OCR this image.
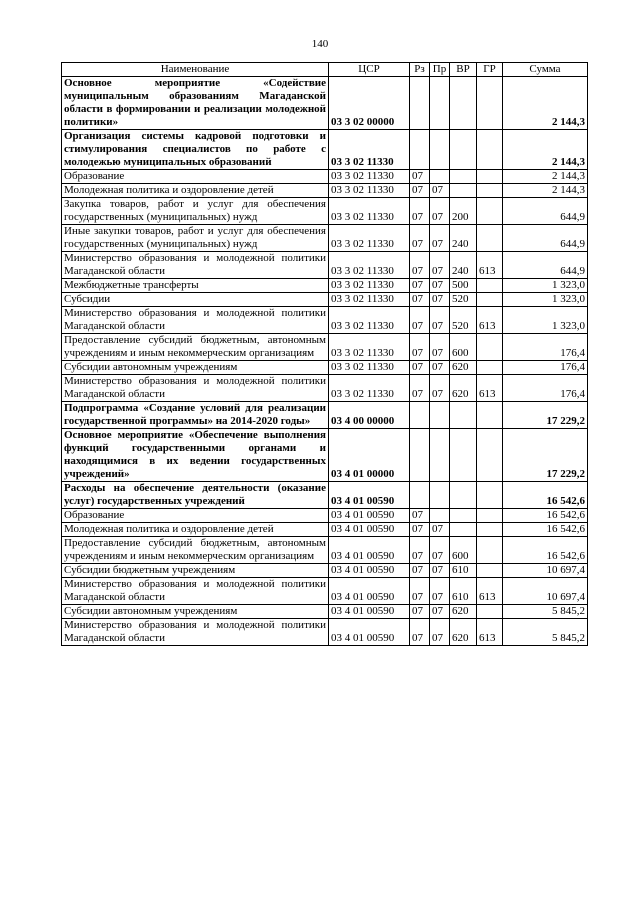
140
Наименование	ЦСР	Рз	Пр	ВР	ГР	Сумма
Основное мероприятие «Содействие муниципальным образованиям Магаданской области в формировании и реализации молодежной политики»	03 3 02 00000					2 144,3
Организация системы кадровой подготовки и стимулирования специалистов по работе с молодежью муниципальных образований	03 3 02 11330					2 144,3
Образование	03 3 02 11330	07				2 144,3
Молодежная политика и оздоровление детей	03 3 02 11330	07	07			2 144,3
Закупка товаров, работ и услуг для обеспечения государственных (муниципальных) нужд	03 3 02 11330	07	07	200		644,9
Иные закупки товаров, работ и услуг для обеспечения государственных (муниципальных) нужд	03 3 02 11330	07	07	240		644,9
Министерство образования и молодежной политики Магаданской области	03 3 02 11330	07	07	240	613	644,9
Межбюджетные трансферты	03 3 02 11330	07	07	500		1 323,0
Субсидии	03 3 02 11330	07	07	520		1 323,0
Министерство образования и молодежной политики Магаданской области	03 3 02 11330	07	07	520	613	1 323,0
Предоставление субсидий бюджетным, автономным учреждениям и иным некоммерческим организациям	03 3 02 11330	07	07	600		176,4
Субсидии автономным учреждениям	03 3 02 11330	07	07	620		176,4
Министерство образования и молодежной политики Магаданской области	03 3 02 11330	07	07	620	613	176,4
Подпрограмма «Создание условий для реализации государственной программы» на 2014-2020 годы»	03 4 00 00000					17 229,2
Основное мероприятие «Обеспечение выполнения функций государственными органами и находящимися в их ведении государственных учреждений»	03 4 01 00000					17 229,2
Расходы на обеспечение деятельности (оказание услуг) государственных учреждений	03 4 01 00590					16 542,6
Образование	03 4 01 00590	07				16 542,6
Молодежная политика и оздоровление детей	03 4 01 00590	07	07			16 542,6
Предоставление субсидий бюджетным, автономным учреждениям и иным некоммерческим организациям	03 4 01 00590	07	07	600		16 542,6
Субсидии бюджетным учреждениям	03 4 01 00590	07	07	610		10 697,4
Министерство образования и молодежной политики Магаданской области	03 4 01 00590	07	07	610	613	10 697,4
Субсидии автономным учреждениям	03 4 01 00590	07	07	620		5 845,2
Министерство образования и молодежной политики Магаданской области	03 4 01 00590	07	07	620	613	5 845,2
